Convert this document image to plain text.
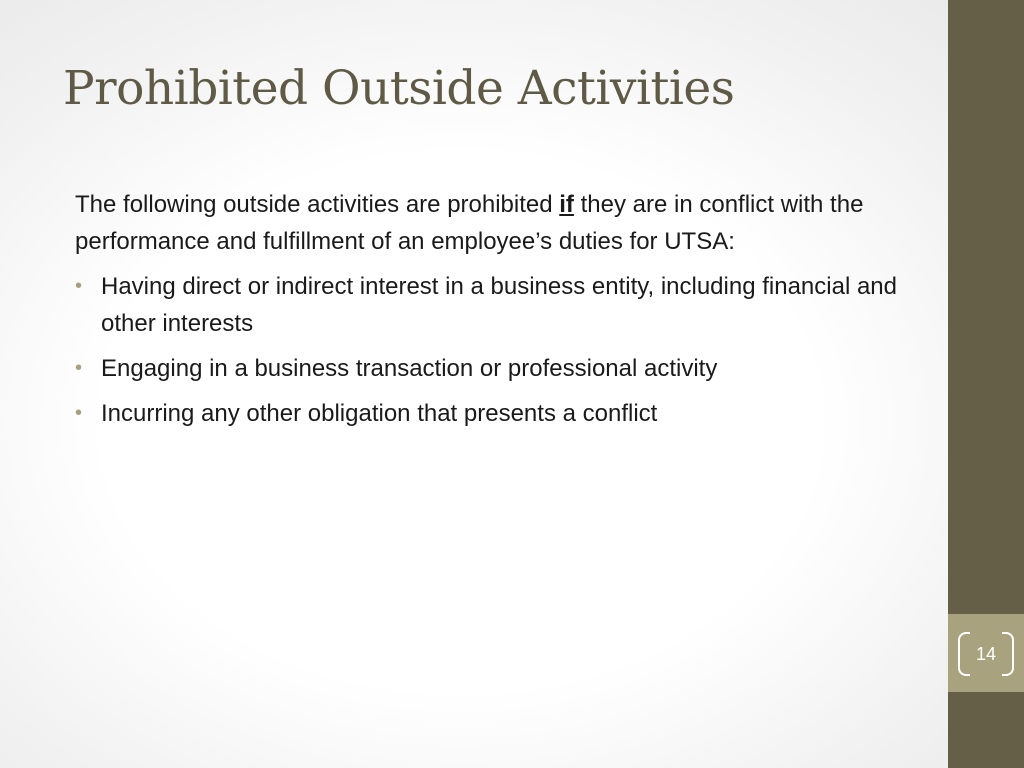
Prohibited Outside Activities

The following outside activities are prohibited if they are in conflict with the performance and fulfillment of an employee’s duties for UTSA:

• Having direct or indirect interest in a business entity, including financial and other interests
• Engaging in a business transaction or professional activity
• Incurring any other obligation that presents a conflict
14
